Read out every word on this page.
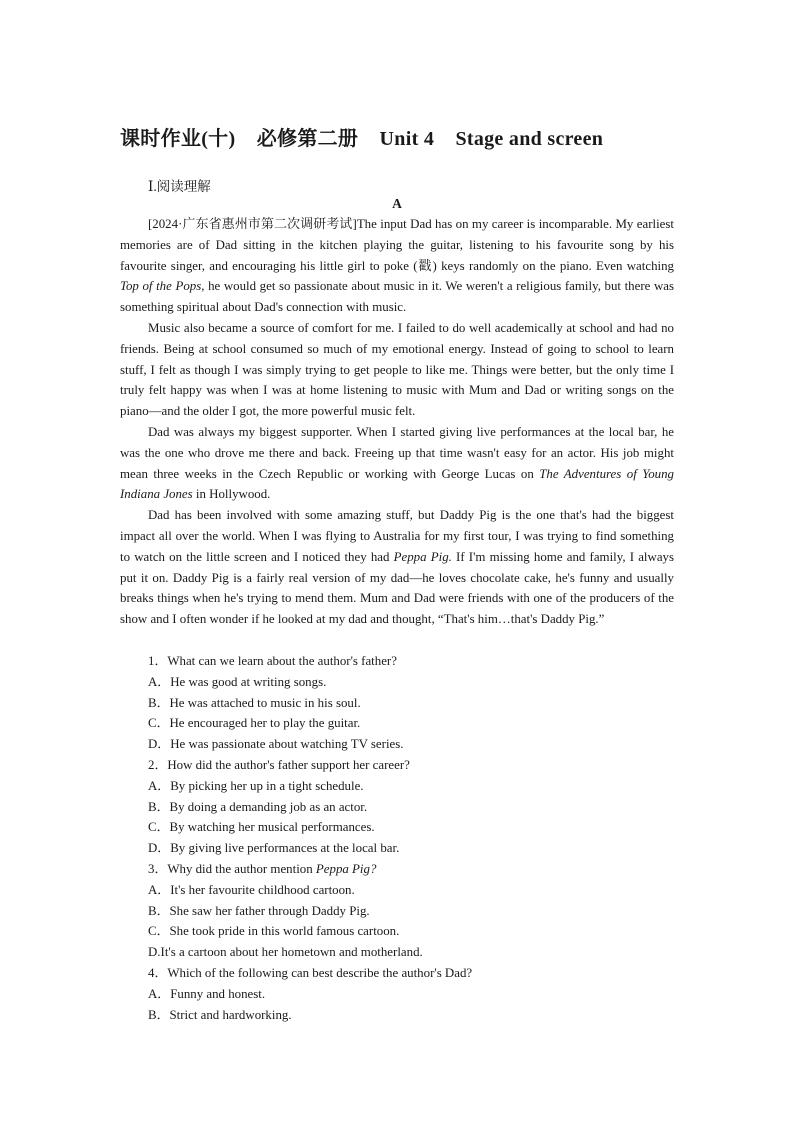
课时作业(十) 必修第二册 Unit 4 Stage and screen
Ⅰ.阅读理解
A

[2024·广东省惠州市第二次调研考试]The input Dad has on my career is incomparable. My earliest memories are of Dad sitting in the kitchen playing the guitar, listening to his favourite song by his favourite singer, and encouraging his little girl to poke (戳) keys randomly on the piano. Even watching Top of the Pops, he would get so passionate about music in it. We weren't a religious family, but there was something spiritual about Dad's connection with music.

Music also became a source of comfort for me. I failed to do well academically at school and had no friends. Being at school consumed so much of my emotional energy. Instead of going to school to learn stuff, I felt as though I was simply trying to get people to like me. Things were better, but the only time I truly felt happy was when I was at home listening to music with Mum and Dad or writing songs on the piano—and the older I got, the more powerful music felt.

Dad was always my biggest supporter. When I started giving live performances at the local bar, he was the one who drove me there and back. Freeing up that time wasn't easy for an actor. His job might mean three weeks in the Czech Republic or working with George Lucas on The Adventures of Young Indiana Jones in Hollywood.

Dad has been involved with some amazing stuff, but Daddy Pig is the one that's had the biggest impact all over the world. When I was flying to Australia for my first tour, I was trying to find something to watch on the little screen and I noticed they had Peppa Pig. If I'm missing home and family, I always put it on. Daddy Pig is a fairly real version of my dad—he loves chocolate cake, he's funny and usually breaks things when he's trying to mend them. Mum and Dad were friends with one of the producers of the show and I often wonder if he looked at my dad and thought, “That's him…that's Daddy Pig.”

1．What can we learn about the author's father?
A．He was good at writing songs.
B．He was attached to music in his soul.
C．He encouraged her to play the guitar.
D．He was passionate about watching TV series.
2．How did the author's father support her career?
A．By picking her up in a tight schedule.
B．By doing a demanding job as an actor.
C．By watching her musical performances.
D．By giving live performances at the local bar.
3．Why did the author mention Peppa Pig?
A．It's her favourite childhood cartoon.
B．She saw her father through Daddy Pig.
C．She took pride in this world famous cartoon.
D.It's a cartoon about her hometown and motherland.
4．Which of the following can best describe the author's Dad?
A．Funny and honest.
B．Strict and hardworking.
